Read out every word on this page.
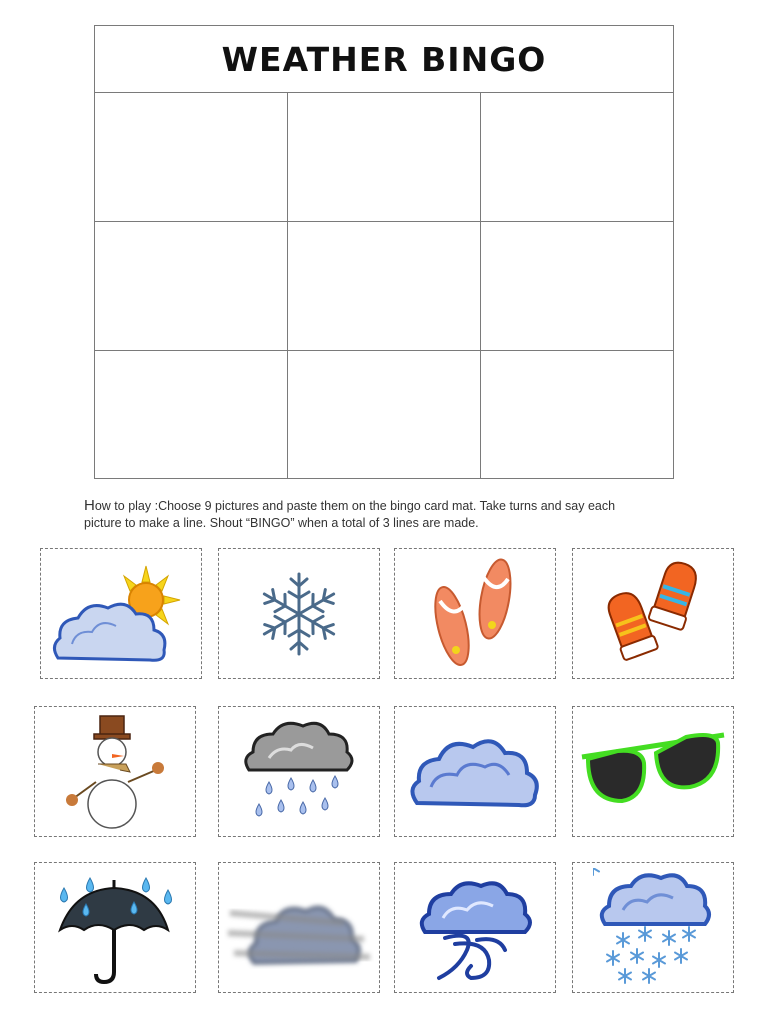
WEATHER BINGO
How to play :Choose 9 pictures and paste them on the bingo card mat. Take turns and say each
picture to make a line. Shout “BINGO” when a total of 3 lines are made.
